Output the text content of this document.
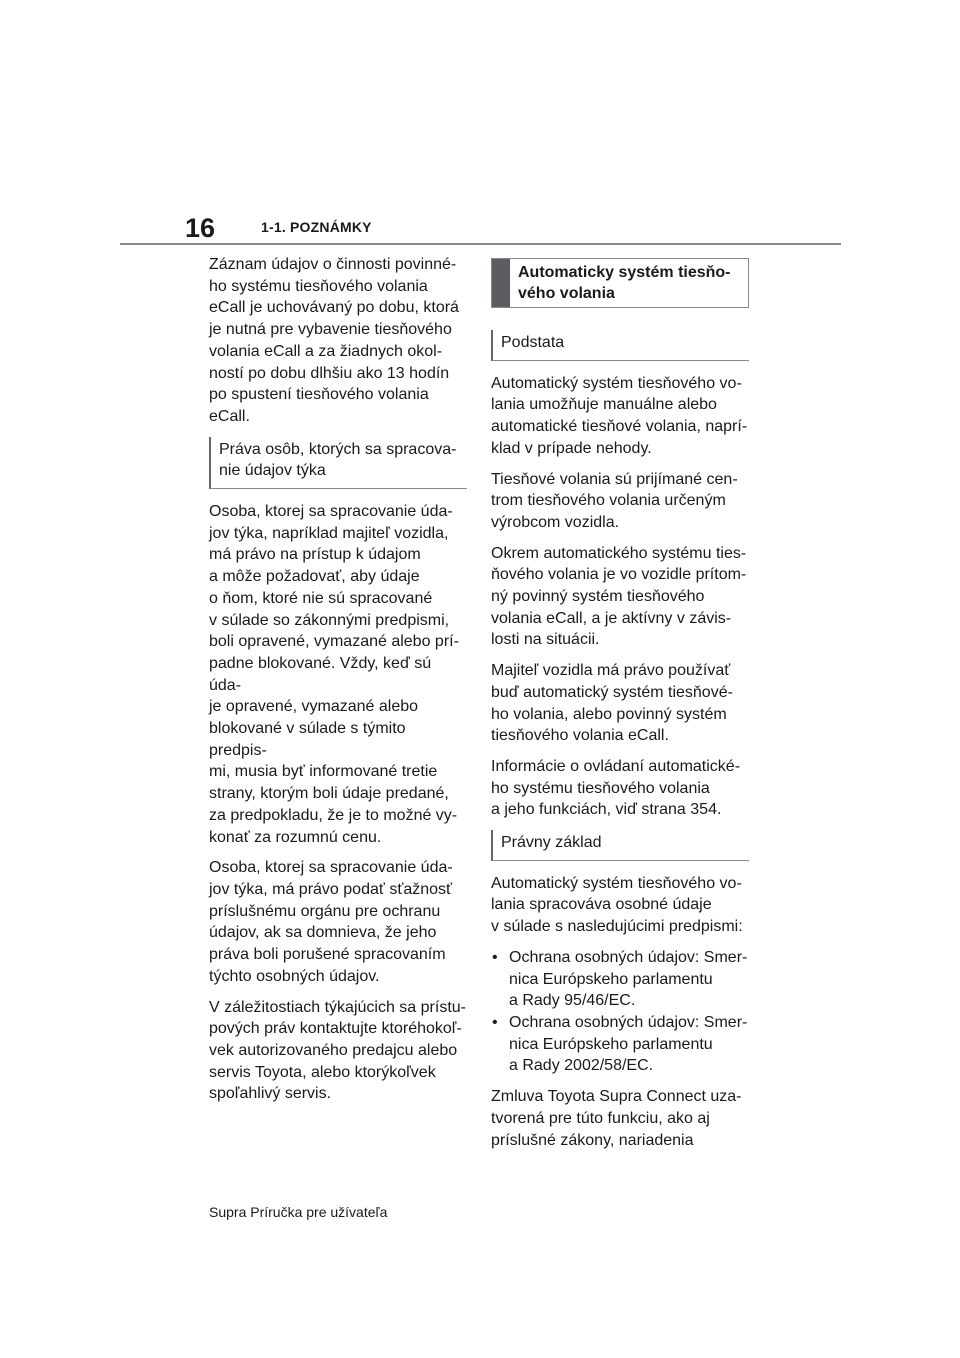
16	1-1. POZNÁMKY
Záznam údajov o činnosti povinné-
ho systému tiesňového volania
eCall je uchovávaný po dobu, ktorá
je nutná pre vybavenie tiesňového
volania eCall a za žiadnych okol-
ností po dobu dlhšiu ako 13 hodín
po spustení tiesňového volania
eCall.
Práva osôb, ktorých sa spracova-
nie údajov týka
Osoba, ktorej sa spracovanie úda-
jov týka, napríklad majiteľ vozidla,
má právo na prístup k údajom
a môže požadovať, aby údaje
o ňom, ktoré nie sú spracované
v súlade so zákonnými predpismi,
boli opravené, vymazané alebo prí-
padne blokované. Vždy, keď sú úda-
je opravené, vymazané alebo
blokované v súlade s týmito predpis-
mi, musia byť informované tretie
strany, ktorým boli údaje predané,
za predpokladu, že je to možné vy-
konať za rozumnú cenu.
Osoba, ktorej sa spracovanie úda-
jov týka, má právo podať sťažnosť
príslušnému orgánu pre ochranu
údajov, ak sa domnieva, že jeho
práva boli porušené spracovaním
týchto osobných údajov.
V záležitostiach týkajúcich sa prístu-
pových práv kontaktujte ktoréhokoľ-
vek autorizovaného predajcu alebo
servis Toyota, alebo ktorýkoľvek
spoľahlivý servis.
Automaticky systém tiesňo-
vého volania
Podstata
Automatický systém tiesňového vo-
lania umožňuje manuálne alebo
automatické tiesňové volania, naprí-
klad v prípade nehody.
Tiesňové volania sú prijímané cen-
trom tiesňového volania určeným
výrobcom vozidla.
Okrem automatického systému ties-
ňového volania je vo vozidle prítom-
ný povinný systém tiesňového
volania eCall, a je aktívny v závis-
losti na situácii.
Majiteľ vozidla má právo používať
buď automatický systém tiesňové-
ho volania, alebo povinný systém
tiesňového volania eCall.
Informácie o ovládaní automatické-
ho systému tiesňového volania
a jeho funkciách, viď strana 354.
Právny základ
Automatický systém tiesňového vo-
lania spracováva osobné údaje
v súlade s nasledujúcimi predpismi:
• Ochrana osobných údajov: Smer-
nica Európskeho parlamentu
a Rady 95/46/EC.
• Ochrana osobných údajov: Smer-
nica Európskeho parlamentu
a Rady 2002/58/EC.
Zmluva Toyota Supra Connect uza-
tvorená pre túto funkciu, ako aj
príslušné zákony, nariadenia
Supra Príručka pre užívateľa
